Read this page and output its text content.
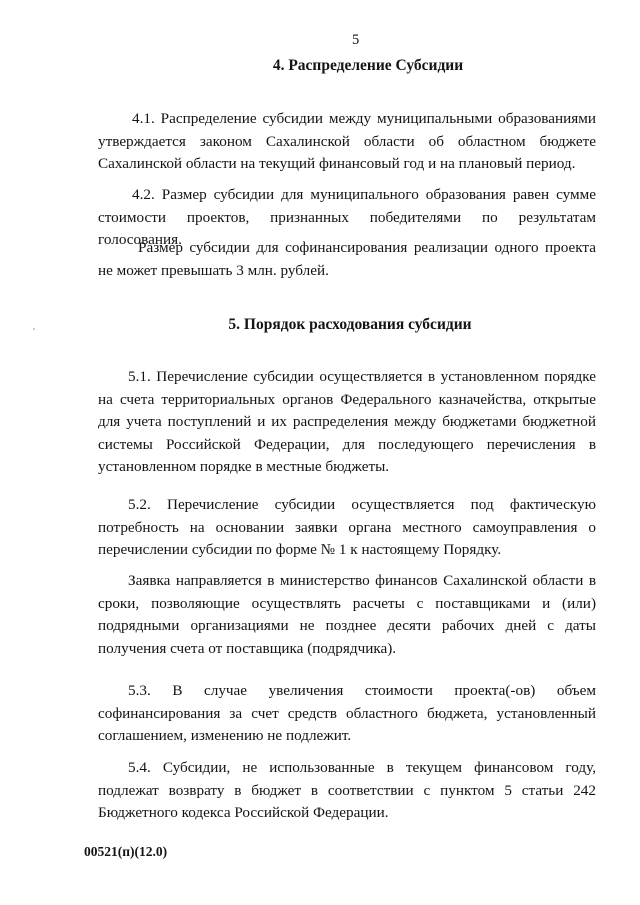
5
4. Распределение Субсидии

4.1. Распределение субсидии между муниципальными образованиями утверждается законом Сахалинской области об областном бюджете Сахалинской области на текущий финансовый год и на плановый период.

4.2. Размер субсидии для муниципального образования равен сумме стоимости проектов, признанных победителями по результатам голосования.

Размер субсидии для софинансирования реализации одного проекта не может превышать 3 млн. рублей.

5. Порядок расходования субсидии

5.1. Перечисление субсидии осуществляется в установленном порядке на счета территориальных органов Федерального казначейства, открытые для учета поступлений и их распределения между бюджетами бюджетной системы Российской Федерации, для последующего перечисления в установленном порядке в местные бюджеты.

5.2. Перечисление субсидии осуществляется под фактическую потребность на основании заявки органа местного самоуправления о перечислении субсидии по форме № 1 к настоящему Порядку.

Заявка направляется в министерство финансов Сахалинской области в сроки, позволяющие осуществлять расчеты с поставщиками и (или) подрядными организациями не позднее десяти рабочих дней с даты получения счета от поставщика (подрядчика).

5.3. В случае увеличения стоимости проекта(-ов) объем софинансирования за счет средств областного бюджета, установленный соглашением, изменению не подлежит.

5.4. Субсидии, не использованные в текущем финансовом году, подлежат возврату в бюджет в соответствии с пунктом 5 статьи 242 Бюджетного кодекса Российской Федерации.

00521(п)(12.0)
